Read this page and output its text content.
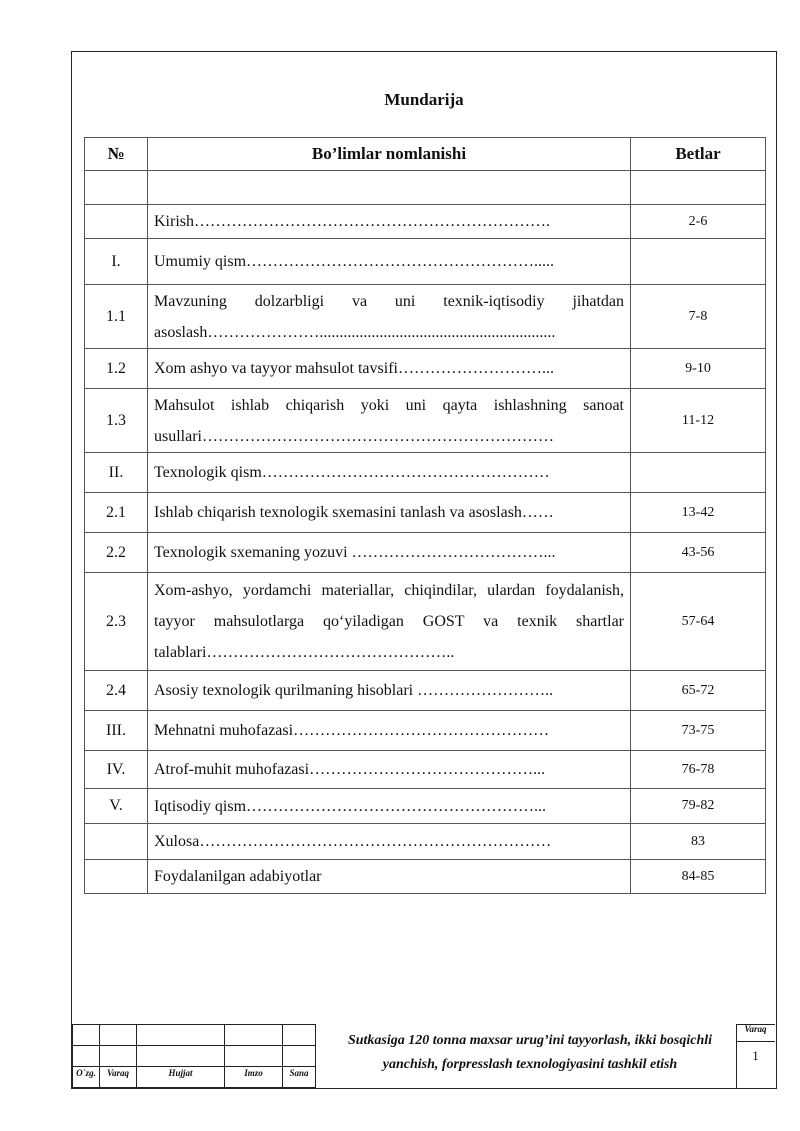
Mundarija
№	Bo’limlar nomlanishi	Betlar

	Kirish………………………………………………………….	2-6
I.	Umumiy qism……………………………………………….....	
1.1	Mavzuning dolzarbligi va uni texnik-iqtisodiy jihatdan asoslash…………………...........................................................	7-8
1.2	Xom ashyo va tayyor mahsulot tavsifi………………………...	9-10
1.3	Mahsulot ishlab chiqarish yoki uni qayta ishlashning sanoat usullari…………………………………………………………	11-12
II.	Texnologik qism………………………………………………	
2.1	Ishlab chiqarish texnologik sxemasini tanlash va asoslash……	13-42
2.2	Texnologik sxemaning yozuvi ………………………………...	43-56
2.3	Xom-ashyo, yordamchi materiallar, chiqindilar, ulardan foydalanish, tayyor mahsulotlarga qo‘yiladigan GOST va texnik shartlar talablari………………………………………..	57-64
2.4	Asosiy texnologik qurilmaning hisoblari ……………………..	65-72
III.	Mehnatni muhofazasi…………………………………………	73-75
IV.	Atrof-muhit muhofazasi……………………………………...	76-78
V.	Iqtisodiy qism………………………………………………...	79-82
	Xulosa…………………………………………………………	83
	Foydalanilgan adabiyotlar	84-85
O`zg.	Varaq	Hujjat	Imzo	Sana
Sutkasiga 120 tonna maxsar urug’ini tayyorlash, ikki bosqichli yanchish, forpresslash texnologiyasini tashkil etish
Varaq
1
